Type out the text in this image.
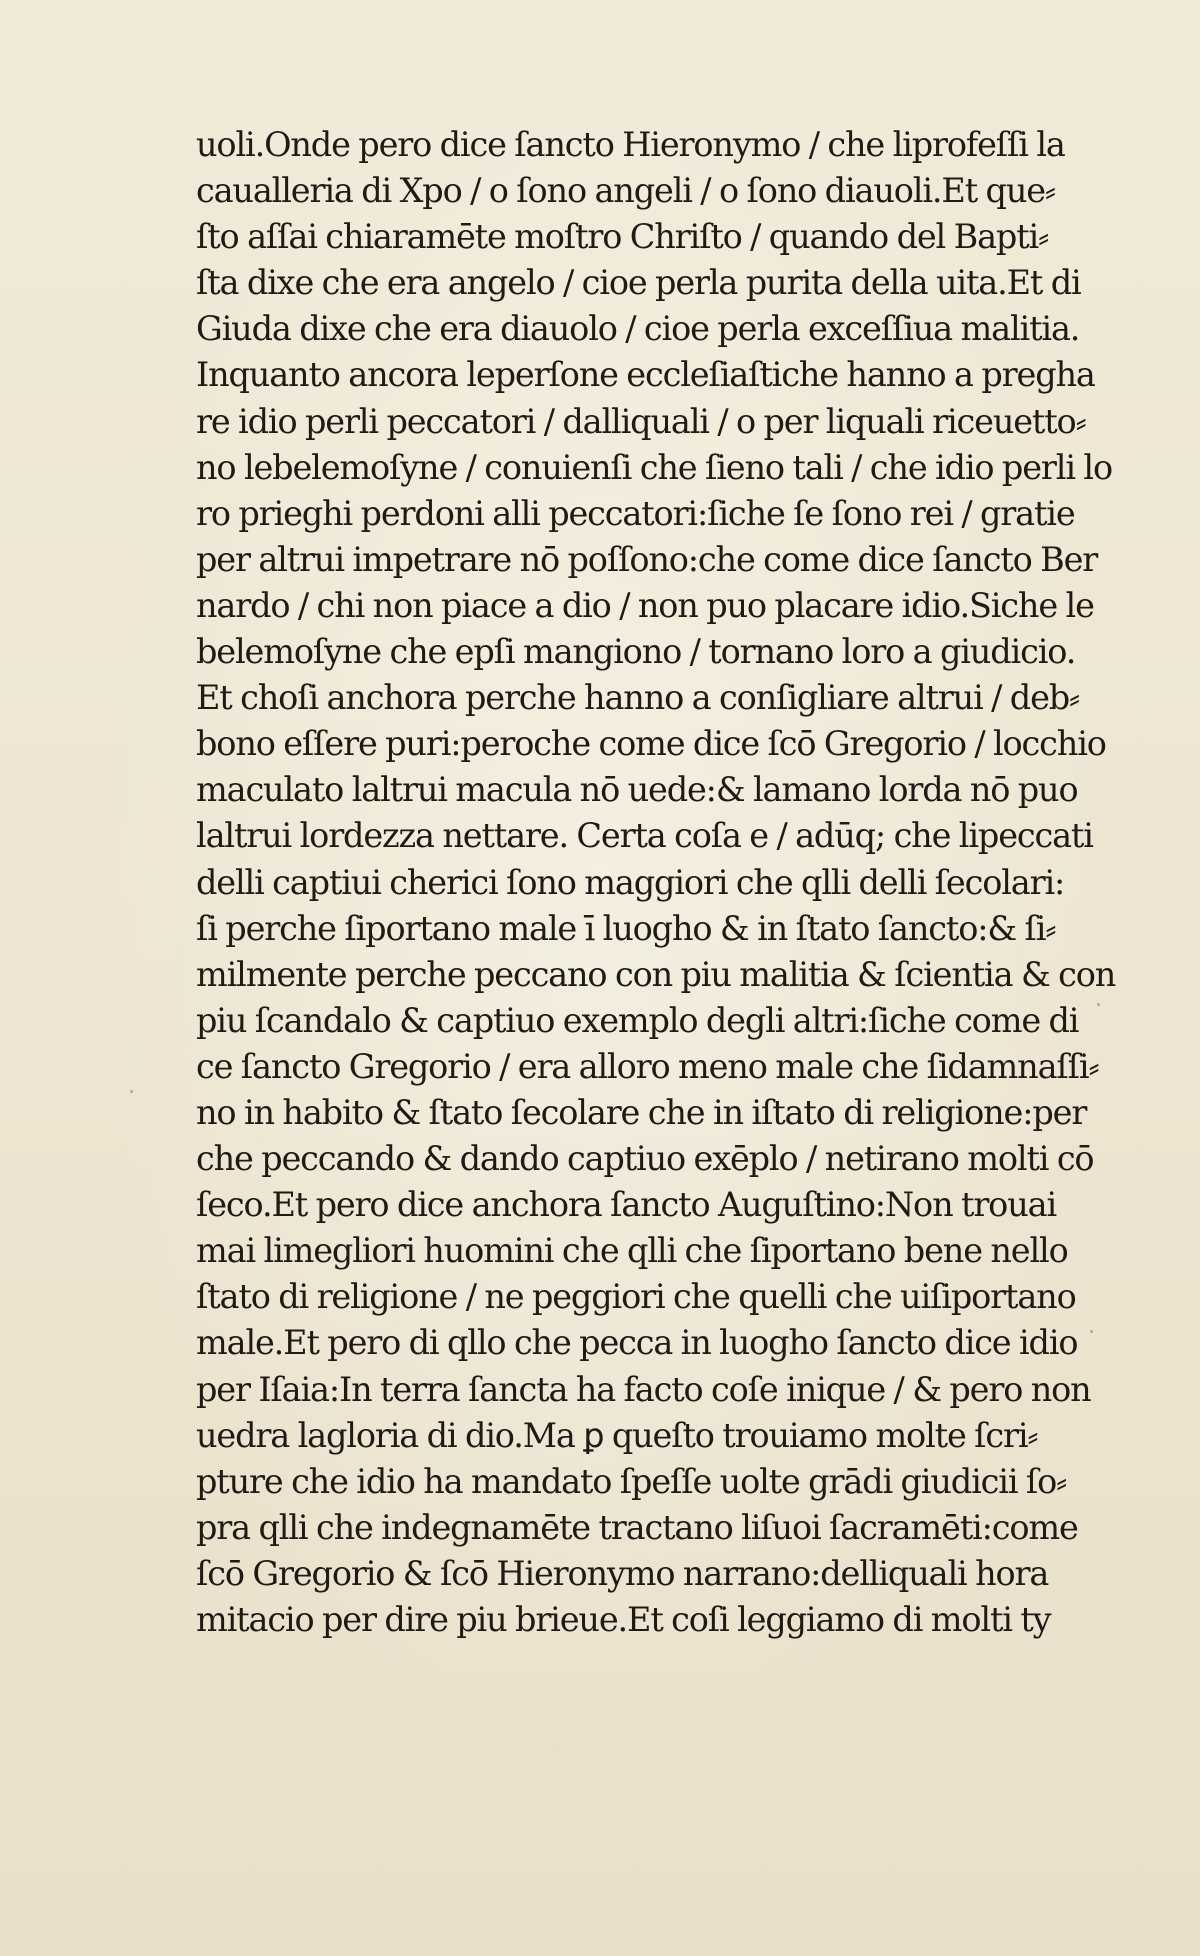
uoli.Onde pero dice ſancto Hieronymo / che liprofeſſi la
caualleria di Xpo / o ſono angeli / o ſono diauoli.Et que⸗
ſto aſſai chiaramēte moſtro Chriſto / quando del Bapti⸗
ſta dixe che era angelo / cioe perla purita della uita.Et di
Giuda dixe che era diauolo / cioe perla exceſſiua malitia.
Inquanto ancora leperſone eccleſiaſtiche hanno a pregha
re idio perli peccatori / dalliquali / o per liquali riceuetto⸗
no lebelemoſyne / conuienſi che ſieno tali / che idio perli lo
ro prieghi perdoni alli peccatori:ſiche ſe ſono rei / gratie
per altrui impetrare nō poſſono:che come dice ſancto Ber
nardo / chi non piace a dio / non puo placare idio.Siche le
belemoſyne che epſi mangiono / tornano loro a giudicio.
Et choſi anchora perche hanno a conſigliare altrui / deb⸗
bono eſſere puri:peroche come dice ſcō Gregorio / locchio
maculato laltrui macula nō uede:& lamano lorda nō puo
laltrui lordezza nettare. Certa coſa e / adūq; che lipeccati
delli captiui cherici ſono maggiori che qlli delli ſecolari:
ſi perche ſiportano male ī luogho & in ſtato ſancto:& ſi⸗
milmente perche peccano con piu malitia & ſcientia & con
piu ſcandalo & captiuo exemplo degli altri:ſiche come di
ce ſancto Gregorio / era alloro meno male che ſidamnaſſi⸗
no in habito & ſtato ſecolare che in iſtato di religione:per
che peccando & dando captiuo exēplo / netirano molti cō
ſeco.Et pero dice anchora ſancto Auguſtino:Non trouai
mai limegliori huomini che qlli che ſiportano bene nello
ſtato di religione / ne peggiori che quelli che uiſiportano
male.Et pero di qllo che pecca in luogho ſancto dice idio
per Iſaia:In terra ſancta ha facto coſe inique / & pero non
uedra lagloria di dio.Ma ꝑ queſto trouiamo molte ſcri⸗
pture che idio ha mandato ſpeſſe uolte grādi giudicii ſo⸗
pra qlli che indegnamēte tractano liſuoi ſacramēti:come
ſcō Gregorio & ſcō Hieronymo narrano:delliquali hora
mitacio per dire piu brieue.Et coſi leggiamo di molti ty
